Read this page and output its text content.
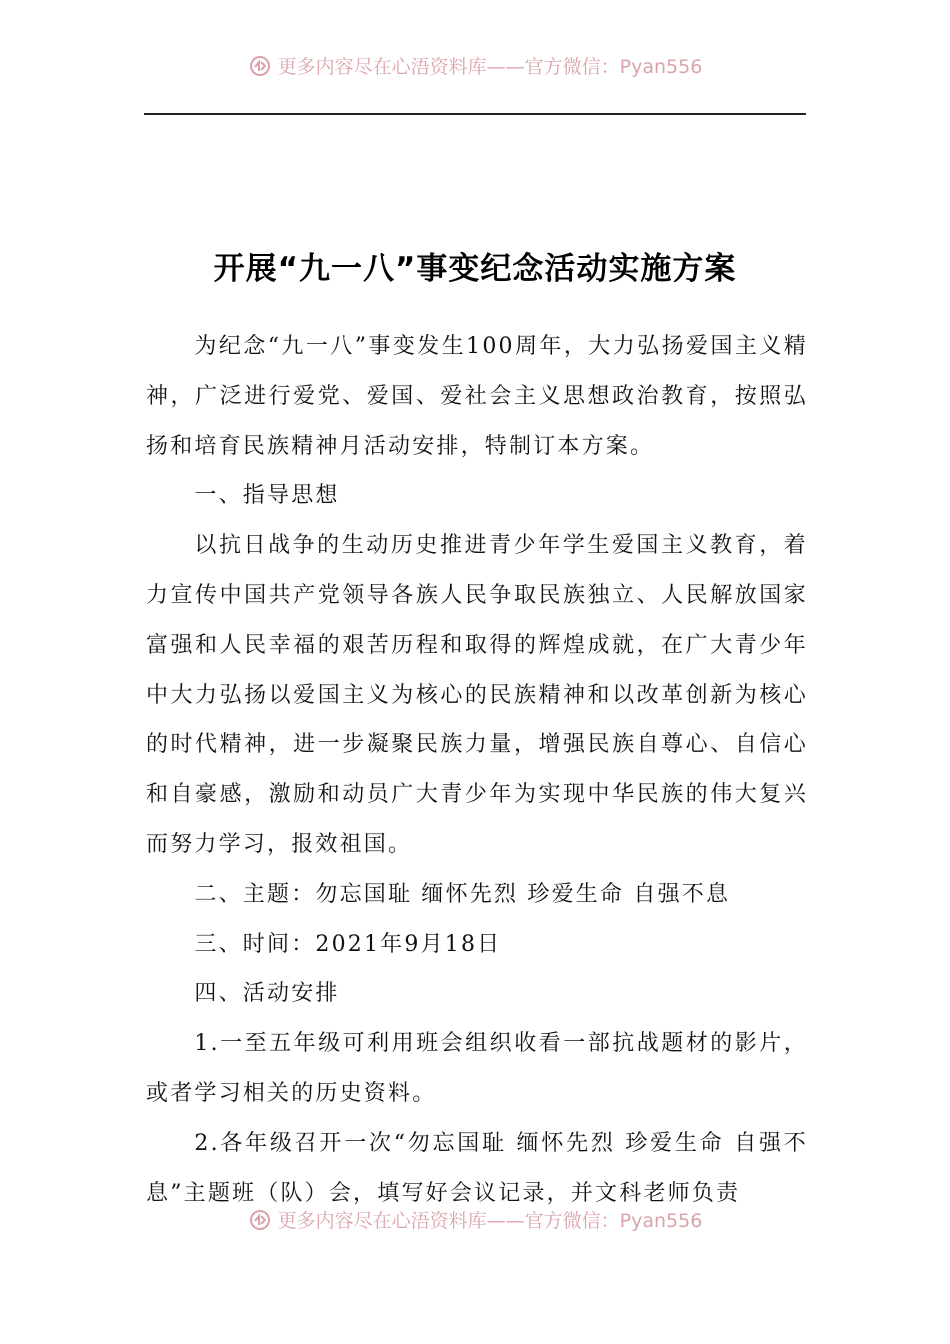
更多内容尽在心浯资料库——官方微信：Pyan556
开展“九一八”事变纪念活动实施方案

为纪念“九一八”事变发生100周年，大力弘扬爱国主义精神，广泛进行爱党、爱国、爱社会主义思想政治教育，按照弘扬和培育民族精神月活动安排，特制订本方案。

一、指导思想

以抗日战争的生动历史推进青少年学生爱国主义教育，着力宣传中国共产党领导各族人民争取民族独立、人民解放国家富强和人民幸福的艰苦历程和取得的辉煌成就，在广大青少年中大力弘扬以爱国主义为核心的民族精神和以改革创新为核心的时代精神，进一步凝聚民族力量，增强民族自尊心、自信心和自豪感，激励和动员广大青少年为实现中华民族的伟大复兴而努力学习，报效祖国。

二、主题：勿忘国耻 缅怀先烈 珍爱生命 自强不息

三、时间：2021年9月18日

四、活动安排

1.一至五年级可利用班会组织收看一部抗战题材的影片，或者学习相关的历史资料。

2.各年级召开一次“勿忘国耻 缅怀先烈 珍爱生命 自强不息”主题班（队）会，填写好会议记录，并文科老师负责

更多内容尽在心浯资料库——官方微信：Pyan556
